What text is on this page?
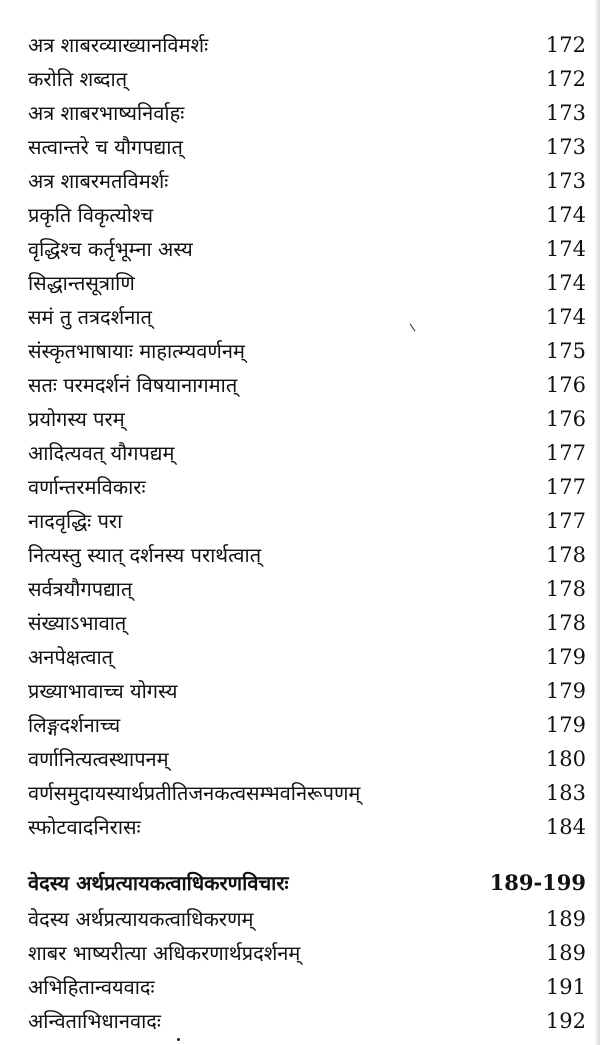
अत्र शाबरव्याख्यानविमर्शः	172
करोति शब्दात्	172
अत्र शाबरभाष्यनिर्वाहः	173
सत्वान्तरे च यौगपद्यात्	173
अत्र शाबरमतविमर्शः	173
प्रकृति विकृत्योश्च	174
वृद्धिश्च कर्तृभूम्ना अस्य	174
सिद्धान्तसूत्राणि	174
समं तु तत्रदर्शनात्	174
संस्कृतभाषायाः माहात्म्यवर्णनम्	175
सतः परमदर्शनं विषयानागमात्	176
प्रयोगस्य परम्	176
आदित्यवत् यौगपद्यम्	177
वर्णान्तरमविकारः	177
नादवृद्धिः परा	177
नित्यस्तु स्यात् दर्शनस्य परार्थत्वात्	178
सर्वत्रयौगपद्यात्	178
संख्याऽभावात्	178
अनपेक्षत्वात्	179
प्रख्याभावाच्च योगस्य	179
लिङ्गदर्शनाच्च	179
वर्णानित्यत्वस्थापनम्	180
वर्णसमुदायस्यार्थप्रतीतिजनकत्वसम्भवनिरूपणम्	183
स्फोटवादनिरासः	184
वेदस्य अर्थप्रत्यायकत्वाधिकरणविचारः	189-199
वेदस्य अर्थप्रत्यायकत्वाधिकरणम्	189
शाबर भाष्यरीत्या अधिकरणार्थप्रदर्शनम्	189
अभिहितान्वयवादः	191
अन्विताभिधानवादः	192
